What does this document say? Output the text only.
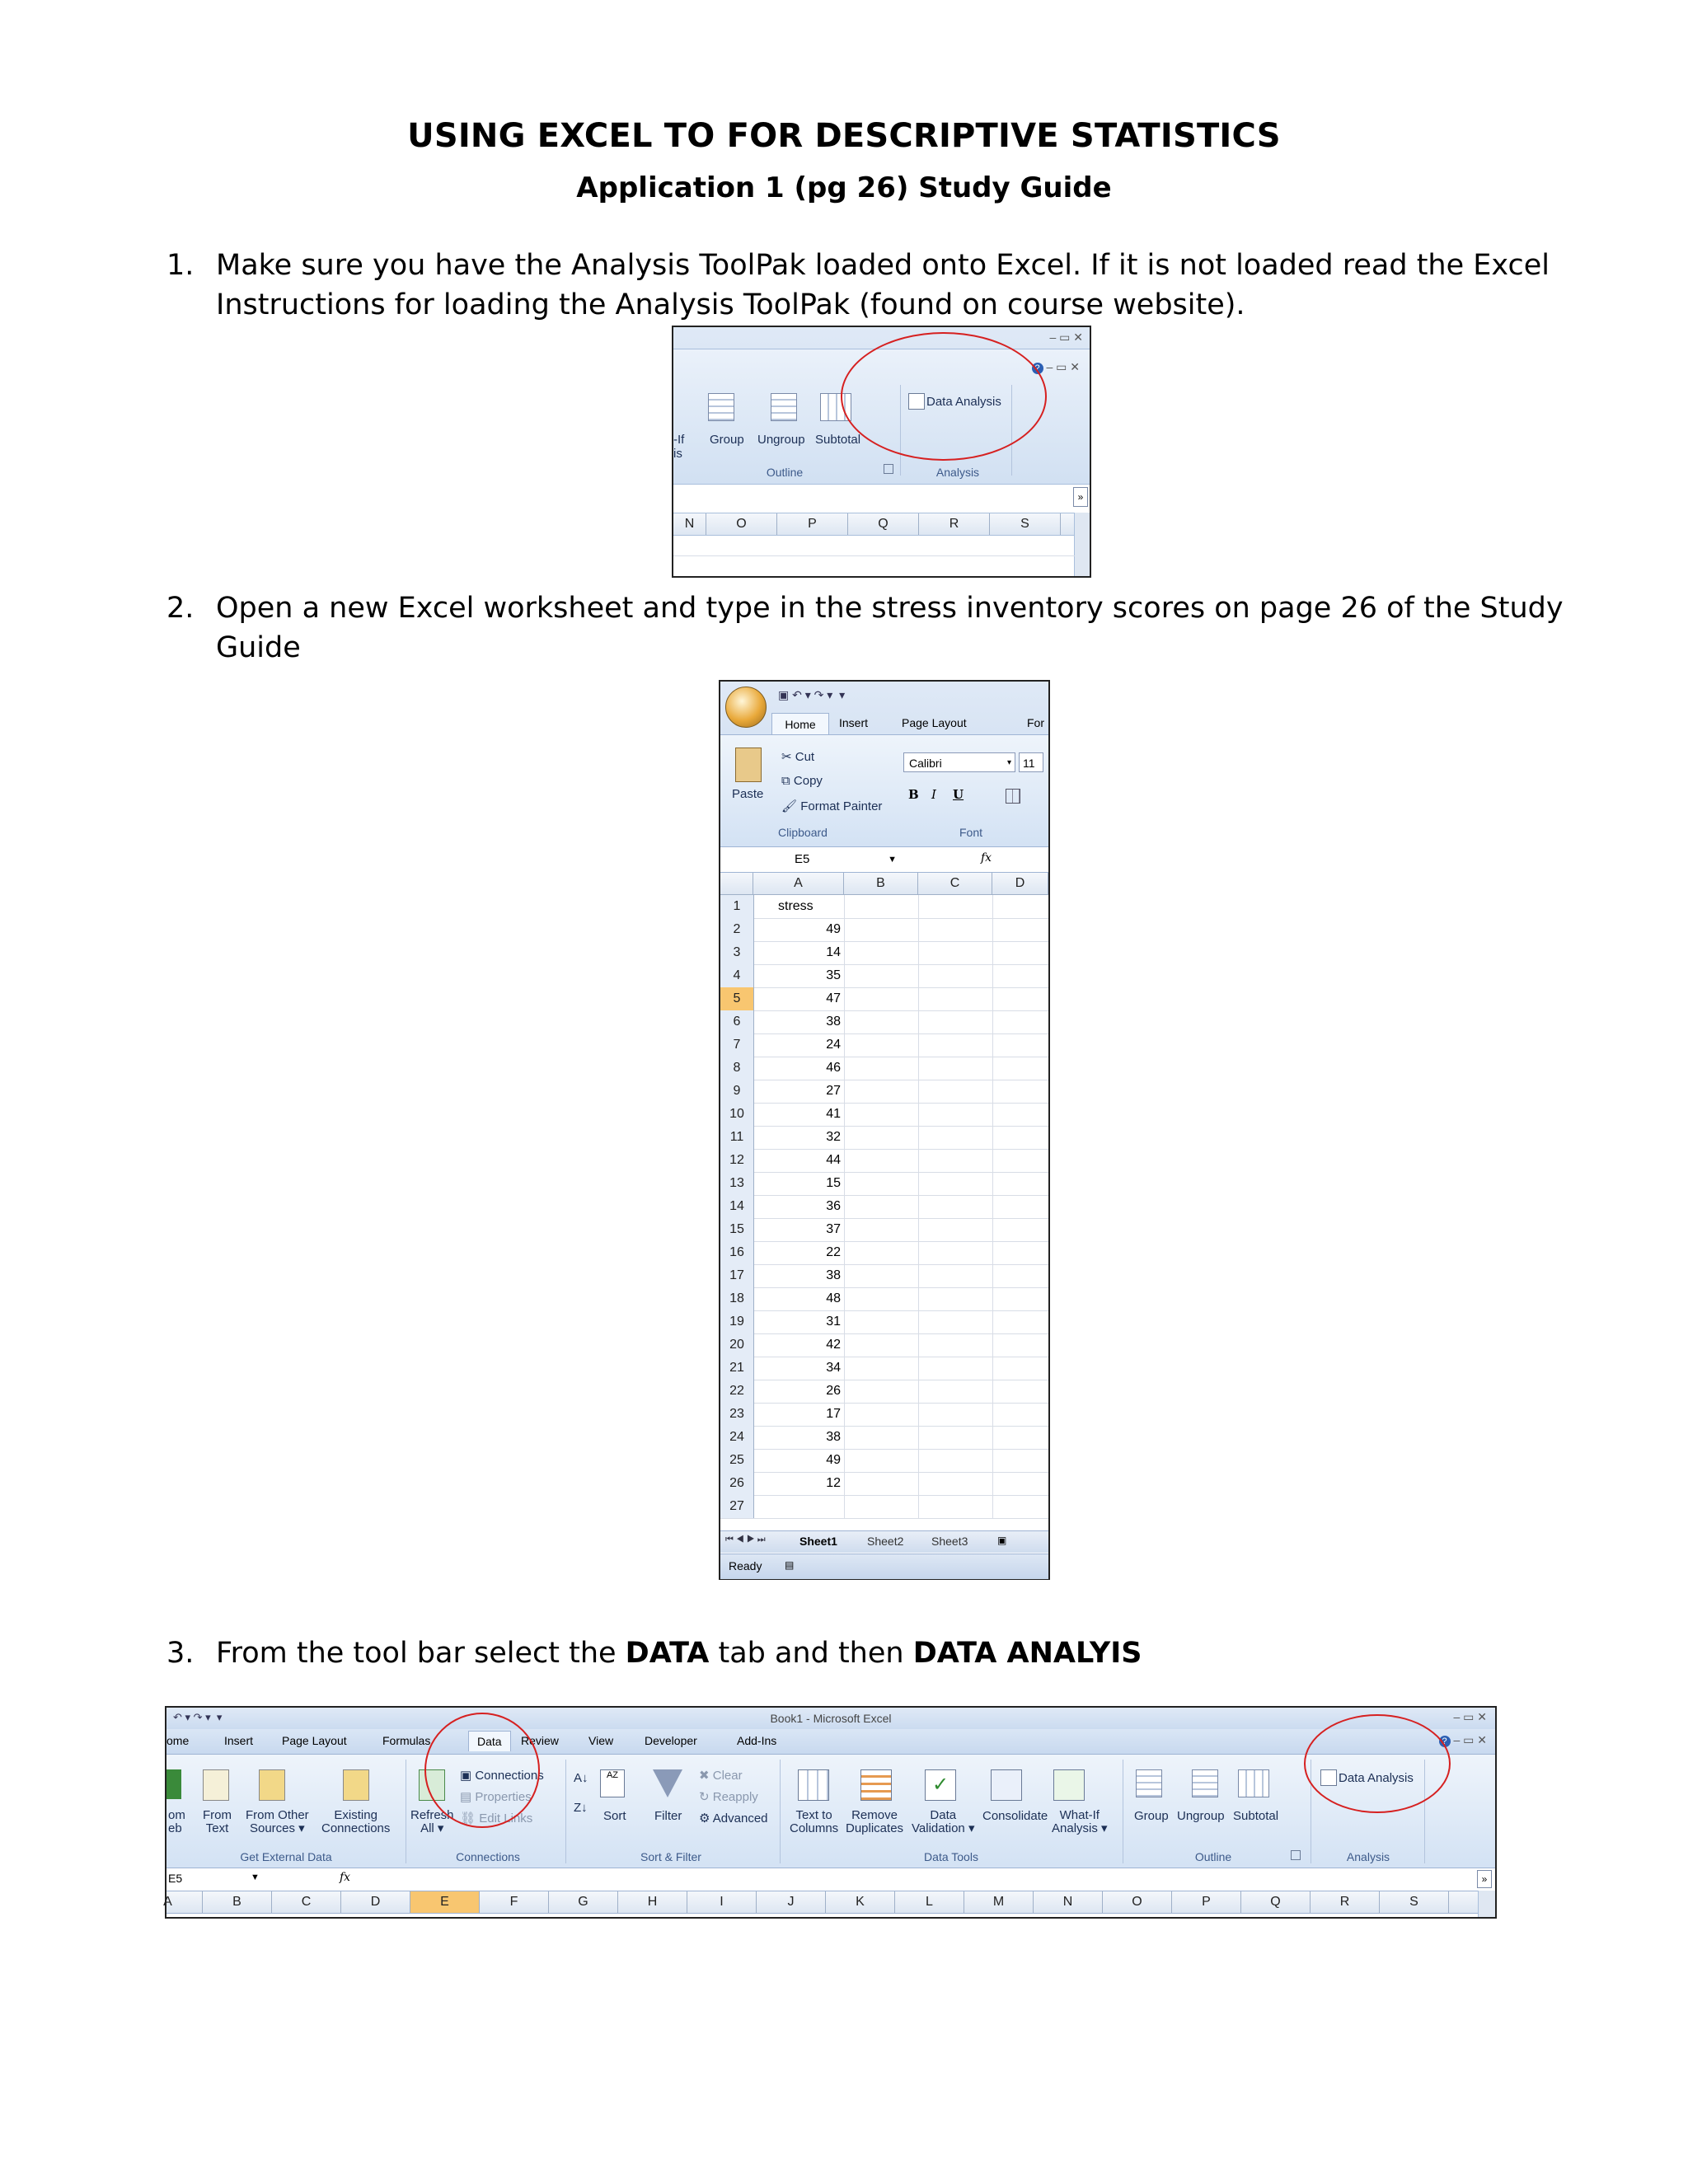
USING EXCEL TO FOR DESCRIPTIVE STATISTICS
Application 1 (pg 26) Study Guide
1. Make sure you have the Analysis ToolPak loaded onto Excel. If it is not loaded read the Excel
Instructions for loading the Analysis ToolPak (found on course website).
– ▭ ✕
? – ▭ ✕
-If
is
Group Ungroup Subtotal
Outline
Data Analysis
Analysis
»
N	O	P	Q	R	S
2. Open a new Excel worksheet and type in the stress inventory scores on page 26 of the Study Guide
▣ ↶ ▾ ↷ ▾  ▾
Home	Insert	Page Layout	For
Paste
✂ Cut
⧉ Copy
🖌 Format Painter
Clipboard
Calibri	▾	11
B I U
Font
E5	▼	fx
A	B	C	D
1	stress
2	49
3	14
4	35
5	47
6	38
7	24
8	46
9	27
10	41
11	32
12	44
13	15
14	36
15	37
16	22
17	38
18	48
19	31
20	42
21	34
22	26
23	17
24	38
25	49
26	12
27
⏮ ◀ ▶ ⏭	Sheet1	Sheet2 Sheet3	▣
Ready ▤
3. From the tool bar select the DATA tab and then DATA ANALYIS
↶ ▾ ↷ ▾  ▾	Book1 - Microsoft Excel	– ▭ ✕
ome	Insert Page Layout	Formulas	Data	Review	View	Developer	Add-Ins
om
eb
From
Text
From Other
Sources ▾
Existing
Connections
Get External Data
Refresh
All ▾
▣ Connections
▤ Properties
⛓ Edit Links
Connections
A↓
Z↓
AZ
Sort Filter
✖ Clear
↻ Reapply
⚙ Advanced
Sort & Filter
✓
Text to
Columns
Remove
Duplicates
Data
Validation ▾
Consolidate What-If
Analysis ▾
Data Tools
Group Ungroup Subtotal
Outline
Data Analysis
Analysis
? – ▭ ✕
E5	▼	fx	»
A	B	C	D	E	F	G	H	I	J	K	L	M	N	O	P	Q	R	S
